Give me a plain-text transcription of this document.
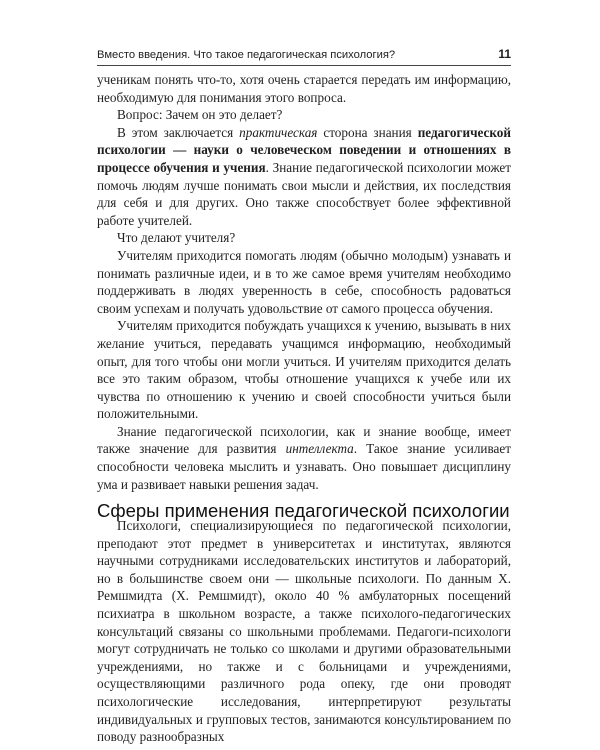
Вместо введения. Что такое педагогическая психология?	11

ученикам понять что-то, хотя очень старается передать им информацию, необходимую для понимания этого вопроса.

Вопрос: Зачем он это делает?

В этом заключается практическая сторона знания педагогической психологии — науки о человеческом поведении и отношениях в процессе обучения и учения. Знание педагогической психологии может помочь людям лучше понимать свои мысли и действия, их последствия для себя и для других. Оно также способствует более эффективной работе учителей.

Что делают учителя?

Учителям приходится помогать людям (обычно молодым) узнавать и понимать различные идеи, и в то же самое время учителям необходимо поддерживать в людях уверенность в себе, способность радоваться своим успехам и получать удовольствие от самого процесса обучения.

Учителям приходится побуждать учащихся к учению, вызывать в них желание учиться, передавать учащимся информацию, необходимый опыт, для того чтобы они могли учиться. И учителям приходится делать все это таким образом, чтобы отношение учащихся к учебе или их чувства по отношению к учению и своей способности учиться были положительными.

Знание педагогической психологии, как и знание вообще, имеет также значение для развития интеллекта. Такое знание усиливает способности человека мыслить и узнавать. Оно повышает дисциплину ума и развивает навыки решения задач.

Сферы применения педагогической психологии

Психологи, специализирующиеся по педагогической психологии, преподают этот предмет в университетах и институтах, являются научными сотрудниками исследовательских институтов и лабораторий, но в большинстве своем они — школьные психологи. По данным Х. Ремшмидта (Х. Ремшмидт), около 40 % амбулаторных посещений психиатра в школьном возрасте, а также психолого-педагогических консультаций связаны со школьными проблемами. Педагоги-психологи могут сотрудничать не только со школами и другими образовательными учреждениями, но также и с больницами и учреждениями, осуществляющими различного рода опеку, где они проводят психологические исследования, интерпретируют результаты индивидуальных и групповых тестов, занимаются консультированием по поводу разнообразных
